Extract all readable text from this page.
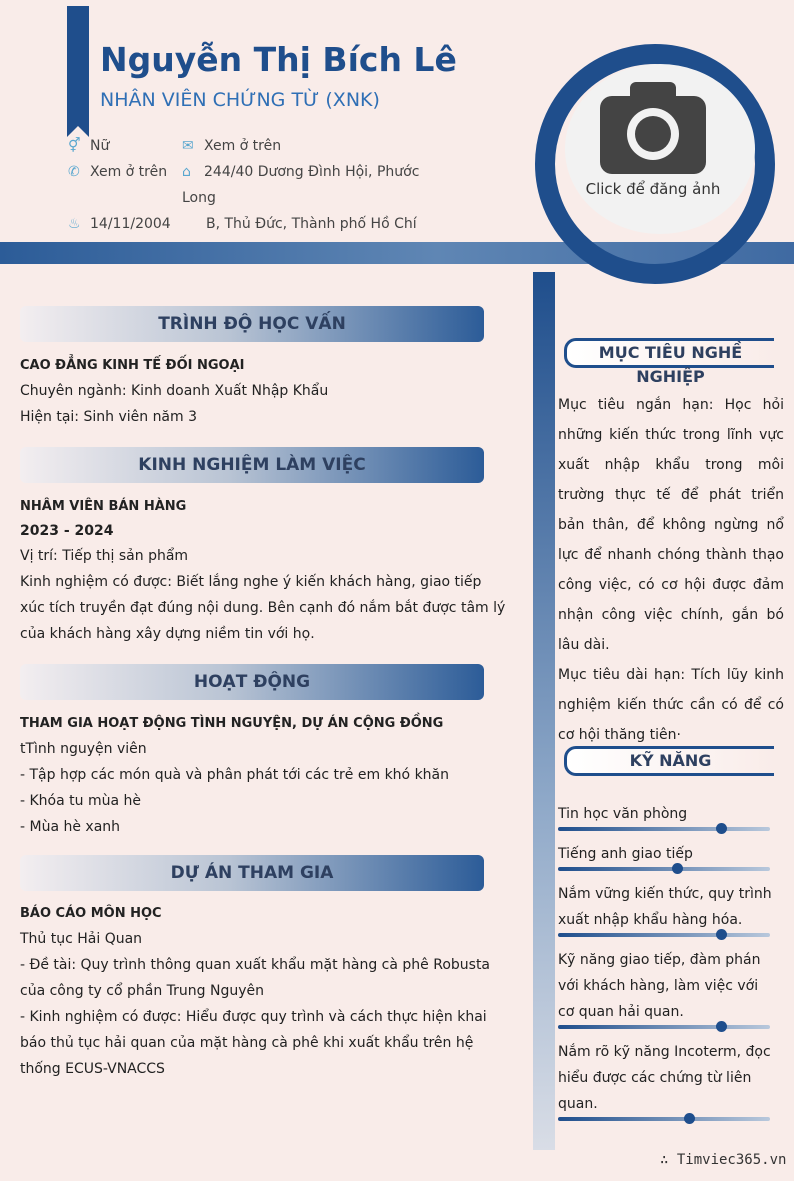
Nguyễn Thị Bích Lê
NHÂN VIÊN CHỨNG TỪ (XNK)
⚥ Nữ
✆ Xem ở trên
♨ 14/11/2004
✉ Xem ở trên
⌂ 244/40 Dương Đình Hội, Phước Long
B, Thủ Đức, Thành phố Hồ Chí
Click để đăng ảnh
TRÌNH ĐỘ HỌC VẤN
CAO ĐẲNG KINH TẾ ĐỐI NGOẠI

Chuyên ngành: Kinh doanh Xuất Nhập Khẩu

Hiện tại: Sinh viên năm 3

KINH NGHIỆM LÀM VIỆC
NHÂM VIÊN BÁN HÀNG
2023 - 2024

Vị trí: Tiếp thị sản phẩm

Kinh nghiệm có được: Biết lắng nghe ý kiến khách hàng, giao tiếp xúc tích truyền đạt đúng nội dung. Bên cạnh đó nắm bắt được tâm lý của khách hàng xây dựng niềm tin với họ.

HOẠT ĐỘNG
THAM GIA HOẠT ĐỘNG TÌNH NGUYỆN, DỰ ÁN CỘNG ĐỒNG

tTình nguyện viên

- Tập hợp các món quà và phân phát tới các trẻ em khó khăn

- Khóa tu mùa hè

- Mùa hè xanh

DỰ ÁN THAM GIA
BÁO CÁO MÔN HỌC

Thủ tục Hải Quan

- Đề tài: Quy trình thông quan xuất khẩu mặt hàng cà phê Robusta của công ty cổ phần Trung Nguyên

- Kinh nghiệm có được: Hiểu được quy trình và cách thực hiện khai báo thủ tục hải quan của mặt hàng cà phê khi xuất khẩu trên hệ thống ECUS-VNACCS

MỤC TIÊU NGHỀ NGHIỆP

Mục tiêu ngắn hạn: Học hỏi những kiến thức trong lĩnh vực xuất nhập khẩu trong môi trường thực tế để phát triển bản thân, để không ngừng nổ lực để nhanh chóng thành thạo công việc, có cơ hội được đảm nhận công việc chính, gắn bó lâu dài.

Mục tiêu dài hạn: Tích lũy kinh nghiệm kiến thức cần có để có cơ hội thăng tiên·

KỸ NĂNG
Tin học văn phòng
Tiếng anh giao tiếp
Nắm vững kiến thức, quy trình xuất nhập khẩu hàng hóa.
Kỹ năng giao tiếp, đàm phán với khách hàng, làm việc với cơ quan hải quan.
Nắm rõ kỹ năng Incoterm, đọc hiểu được các chứng từ liên quan.
∴ Timviec365.vn
